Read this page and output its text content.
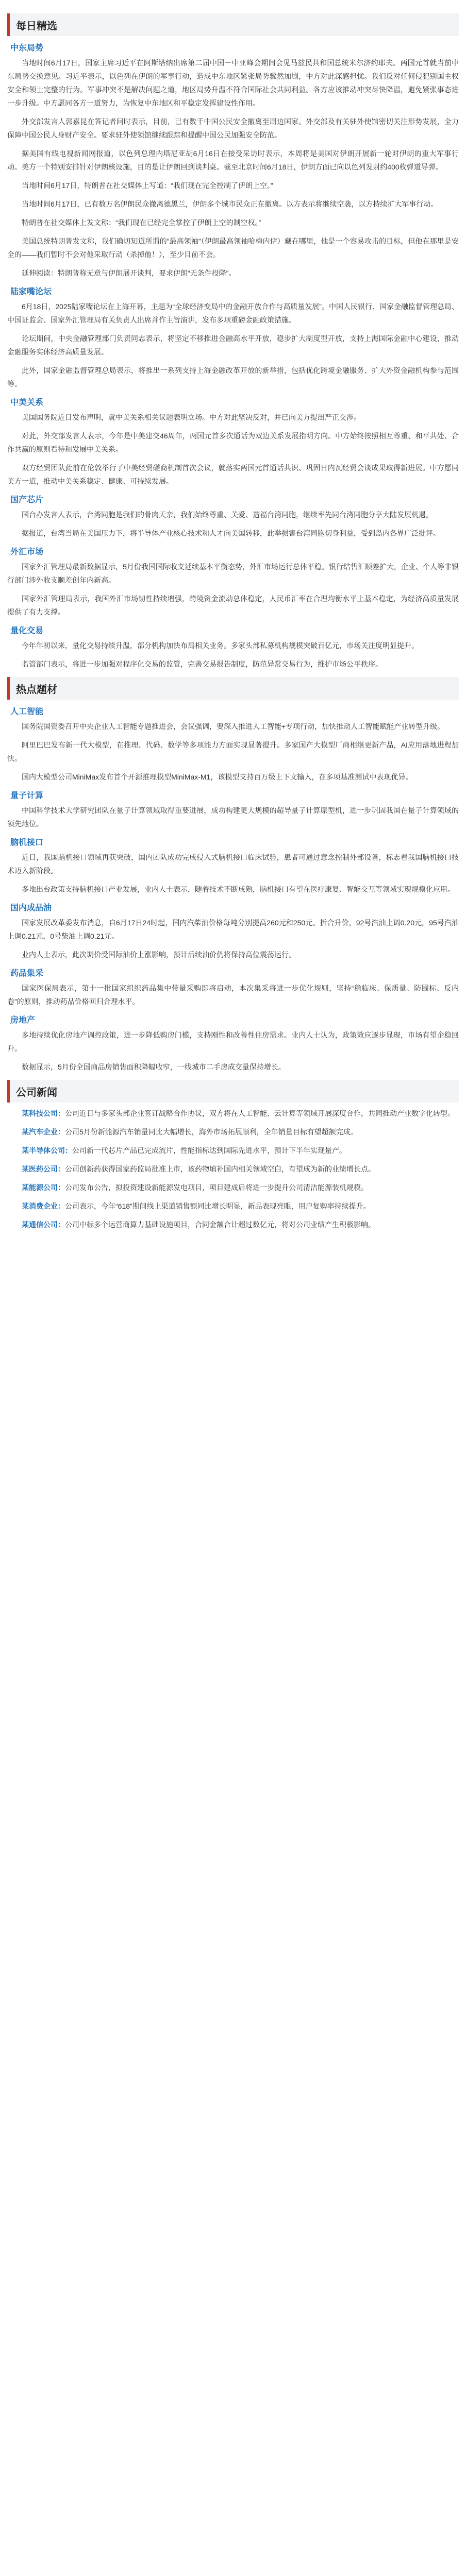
每日精选
中东局势

当地时间6月17日，国家主席习近平在阿斯塔纳出席第二届中国－中亚峰会期间会见马兹民共和国总统米尔济约耶夫。两国元首就当前中东局势交换意见。习近平表示，以色列在伊朗的军事行动，造成中东地区紧张局势骤然加剧，中方对此深感担忧。我们反对任何侵犯别国主权安全和领土完整的行为。军事冲突不是解决问题之道，地区局势升温不符合国际社会共同利益。各方应该推动冲突尽快降温，避免紧张事态进一步升级。中方愿同各方一道努力，为恢复中东地区和平稳定发挥建设性作用。

外交部发言人郭嘉昆在答记者问时表示，目前，已有数千中国公民安全撤离至周边国家。外交部及有关驻外使馆密切关注形势发展，全力保障中国公民人身财产安全。要求驻外使领馆继续跟踪和提醒中国公民加强安全防范。

据美国有线电视新闻网报道，以色列总理内塔尼亚胡6月16日在接受采访时表示，本周将是美国对伊朗开展新一轮对伊朗的重大军事行动。美方一个特别安排针对伊朗核设施，目的是让伊朗回到谈判桌。截至北京时间6月18日，伊朗方面已向以色列发射约400枚弹道导弹。

当地时间6月17日，特朗普在社交媒体上写道：“我们现在完全控制了伊朗上空。”

当地时间6月17日，已有数万名伊朗民众撤离德黑兰，伊朗多个城市民众正在撤离。以方表示将继续空袭，以方持续扩大军事行动。

特朗普在社交媒体上发文称：“我们现在已经完全掌控了伊朗上空的制空权。”

美国总统特朗普发文称，我们确切知道所谓的“最高领袖”（伊朗最高领袖哈梅内伊）藏在哪里，他是一个容易攻击的目标，但他在那里是安全的——我们暂时不会对他采取行动（杀掉他！），至少目前不会。

延伸阅读：特朗普称无意与伊朗展开谈判，要求伊朗“无条件投降”。

陆家嘴论坛

6月18日，2025陆家嘴论坛在上海开幕，主题为“全球经济变局中的金融开放合作与高质量发展”。中国人民银行、国家金融监督管理总局、中国证监会、国家外汇管理局有关负责人出席并作主旨演讲，发布多项重磅金融政策措施。

论坛期间，中央金融管理部门负责同志表示，将坚定不移推进金融高水平开放，稳步扩大制度型开放，支持上海国际金融中心建设，推动金融服务实体经济高质量发展。

此外，国家金融监督管理总局表示，将推出一系列支持上海金融改革开放的新举措，包括优化跨境金融服务、扩大外资金融机构参与范围等。

中美关系

美国国务院近日发布声明，就中美关系相关议题表明立场。中方对此坚决反对，并已向美方提出严正交涉。

对此，外交部发言人表示，今年是中美建交46周年，两国元首多次通话为双边关系发展指明方向。中方始终按照相互尊重、和平共处、合作共赢的原则看待和发展中美关系。

双方经贸团队此前在伦敦举行了中美经贸磋商机制首次会议，就落实两国元首通话共识、巩固日内瓦经贸会谈成果取得新进展。中方愿同美方一道，推动中美关系稳定、健康、可持续发展。

国产芯片

国台办发言人表示，台湾同胞是我们的骨肉天亲，我们始终尊重、关爱、造福台湾同胞，继续率先同台湾同胞分享大陆发展机遇。

据报道，台湾当局在美国压力下，将半导体产业核心技术和人才向美国转移，此举损害台湾同胞切身利益，受到岛内各界广泛批评。

外汇市场

国家外汇管理局最新数据显示，5月份我国国际收支延续基本平衡态势，外汇市场运行总体平稳。银行结售汇顺差扩大，企业、个人等非银行部门涉外收支顺差创年内新高。

国家外汇管理局表示，我国外汇市场韧性持续增强，跨境资金流动总体稳定，人民币汇率在合理均衡水平上基本稳定，为经济高质量发展提供了有力支撑。

量化交易

今年年初以来，量化交易持续升温，部分机构加快布局相关业务。多家头部私募机构规模突破百亿元，市场关注度明显提升。

监管部门表示，将进一步加强对程序化交易的监管，完善交易报告制度，防范异常交易行为，维护市场公平秩序。

热点题材
人工智能

国务院国资委召开中央企业人工智能专题推进会，会议强调，要深入推进人工智能+专项行动，加快推动人工智能赋能产业转型升级。

阿里巴巴发布新一代大模型，在推理、代码、数学等多项能力方面实现显著提升。多家国产大模型厂商相继更新产品，AI应用落地进程加快。

国内大模型公司MiniMax发布首个开源推理模型MiniMax-M1，该模型支持百万级上下文输入，在多项基准测试中表现优异。

量子计算

中国科学技术大学研究团队在量子计算领域取得重要进展，成功构建更大规模的超导量子计算原型机，进一步巩固我国在量子计算领域的领先地位。

脑机接口

近日，我国脑机接口领域再获突破，国内团队成功完成侵入式脑机接口临床试验，患者可通过意念控制外部设备，标志着我国脑机接口技术迈入新阶段。

多地出台政策支持脑机接口产业发展，业内人士表示，随着技术不断成熟，脑机接口有望在医疗康复、智能交互等领域实现规模化应用。

国内成品油

国家发展改革委发布消息，自6月17日24时起，国内汽柴油价格每吨分别提高260元和250元。折合升价，92号汽油上调0.20元，95号汽油上调0.21元，0号柴油上调0.21元。

业内人士表示，此次调价受国际油价上涨影响，预计后续油价仍将保持高位震荡运行。

药品集采

国家医保局表示，第十一批国家组织药品集中带量采购即将启动，本次集采将进一步优化规则，坚持“稳临床、保质量、防围标、反内卷”的原则，推动药品价格回归合理水平。

房地产

多地持续优化房地产调控政策，进一步降低购房门槛，支持刚性和改善性住房需求。业内人士认为，政策效应逐步显现，市场有望企稳回升。

数据显示，5月份全国商品房销售面积降幅收窄，一线城市二手房成交量保持增长。

公司新闻

某科技公司：公司近日与多家头部企业签订战略合作协议，双方将在人工智能、云计算等领域开展深度合作，共同推动产业数字化转型。

某汽车企业：公司5月份新能源汽车销量同比大幅增长，海外市场拓展顺利，全年销量目标有望超额完成。

某半导体公司：公司新一代芯片产品已完成流片，性能指标达到国际先进水平，预计下半年实现量产。

某医药公司：公司创新药获得国家药监局批准上市，该药物填补国内相关领域空白，有望成为新的业绩增长点。

某能源公司：公司发布公告，拟投资建设新能源发电项目，项目建成后将进一步提升公司清洁能源装机规模。

某消费企业：公司表示，今年“618”期间线上渠道销售额同比增长明显，新品表现亮眼，用户复购率持续提升。

某通信公司：公司中标多个运营商算力基础设施项目，合同金额合计超过数亿元，将对公司业绩产生积极影响。
